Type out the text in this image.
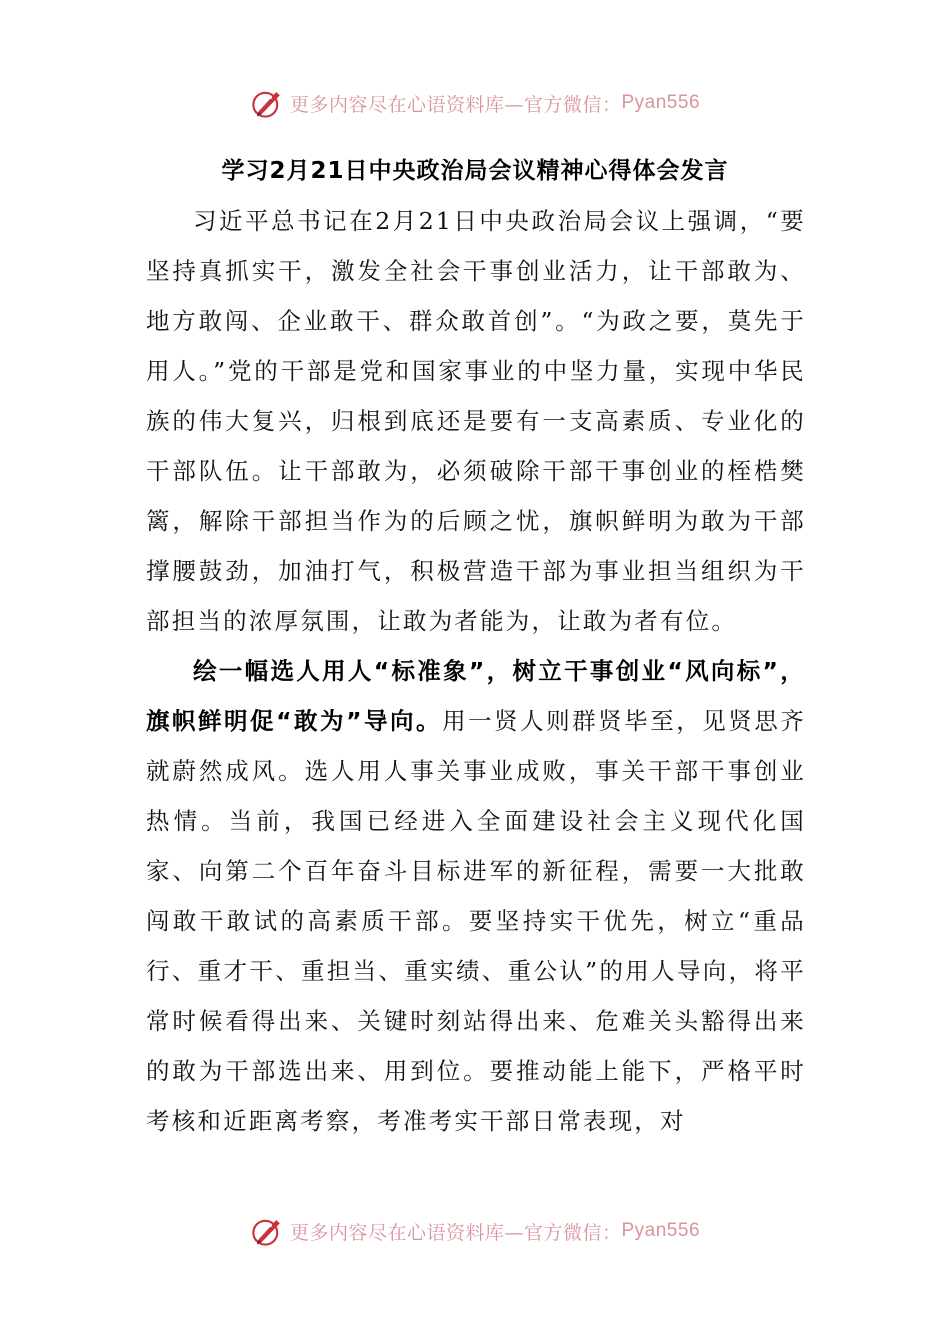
更多内容尽在心语资料库—官方微信： Pyan556
学习2月21日中央政治局会议精神心得体会发言

习近平总书记在2月21日中央政治局会议上强调，“要坚持真抓实干，激发全社会干事创业活力，让干部敢为、地方敢闯、企业敢干、群众敢首创”。“为政之要，莫先于用人。”党的干部是党和国家事业的中坚力量，实现中华民族的伟大复兴，归根到底还是要有一支高素质、专业化的干部队伍。让干部敢为，必须破除干部干事创业的桎梏樊篱，解除干部担当作为的后顾之忧，旗帜鲜明为敢为干部撑腰鼓劲，加油打气，积极营造干部为事业担当组织为干部担当的浓厚氛围，让敢为者能为，让敢为者有位。

绘一幅选人用人“标准象”，树立干事创业“风向标”，旗帜鲜明促“敢为”导向。用一贤人则群贤毕至，见贤思齐就蔚然成风。选人用人事关事业成败，事关干部干事创业热情。当前，我国已经进入全面建设社会主义现代化国家、向第二个百年奋斗目标进军的新征程，需要一大批敢闯敢干敢试的高素质干部。要坚持实干优先，树立“重品行、重才干、重担当、重实绩、重公认”的用人导向，将平常时候看得出来、关键时刻站得出来、危难关头豁得出来的敢为干部选出来、用到位。要推动能上能下，严格平时考核和近距离考察，考准考实干部日常表现，对

更多内容尽在心语资料库—官方微信： Pyan556
